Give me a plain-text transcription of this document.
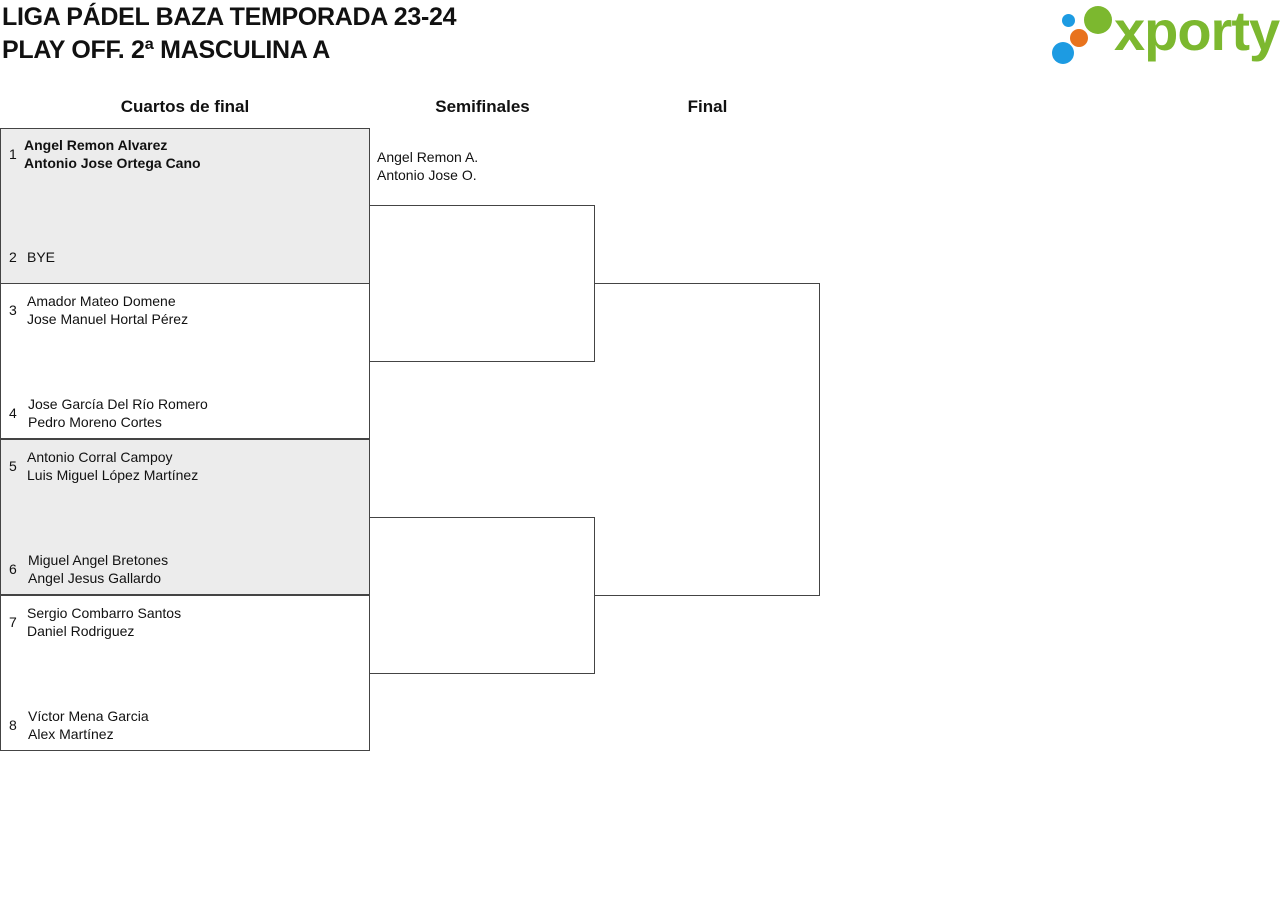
LIGA PÁDEL BAZA TEMPORADA 23-24
PLAY OFF. 2ª MASCULINA A	xporty
Cuartos de final	Semifinales	Final
1
Angel Remon Alvarez
Antonio Jose Ortega Cano
2 BYE
3
Amador Mateo Domene
Jose Manuel Hortal Pérez
4
Jose García Del Río Romero
Pedro Moreno Cortes
5
Antonio Corral Campoy
Luis Miguel López Martínez
6
Miguel Angel Bretones
Angel Jesus Gallardo
7
Sergio Combarro Santos
Daniel Rodriguez
8
Víctor Mena Garcia
Alex Martínez
Angel Remon A.
Antonio Jose O.
